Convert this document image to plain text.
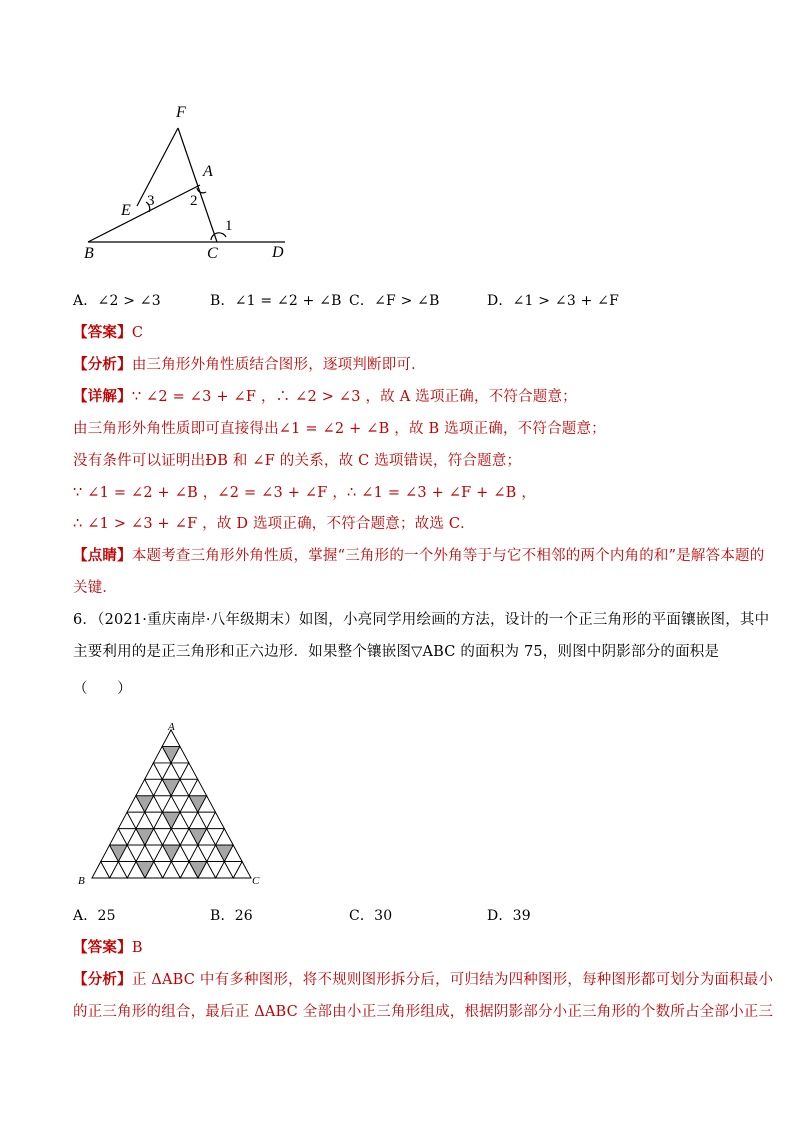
F
A
E
B	C	D
1
2
3
A．∠2 > ∠3	B．∠1 = ∠2 + ∠B C．∠F > ∠B	D．∠1 > ∠3 + ∠F
【答案】C
【分析】由三角形外角性质结合图形，逐项判断即可．
【详解】∵ ∠2 = ∠3 + ∠F ，∴ ∠2 > ∠3 ，故 A 选项正确，不符合题意；
由三角形外角性质即可直接得出∠1 = ∠2 + ∠B ，故 B 选项正确，不符合题意；
没有条件可以证明出ÐB 和 ∠F 的关系，故 C 选项错误，符合题意；
∵ ∠1 = ∠2 + ∠B ，∠2 = ∠3 + ∠F ，∴ ∠1 = ∠3 + ∠F + ∠B ，
∴ ∠1 > ∠3 + ∠F ，故 D 选项正确，不符合题意；故选 C．
【点睛】本题考查三角形外角性质，掌握“三角形的一个外角等于与它不相邻的两个内角的和”是解答本题的
关键．
6．（2021·重庆南岸·八年级期末）如图，小亮同学用绘画的方法，设计的一个正三角形的平面镶嵌图，其中
主要利用的是正三角形和正六边形．如果整个镶嵌图▽ABC 的面积为 75，则图中阴影部分的面积是
（　　）
A
B	C
A．25	B．26	C．30	D．39
【答案】B
【分析】正 ΔABC 中有多种图形，将不规则图形拆分后，可归结为四种图形，每种图形都可划分为面积最小
的正三角形的组合，最后正 ΔABC 全部由小正三角形组成，根据阴影部分小正三角形的个数所占全部小正三
